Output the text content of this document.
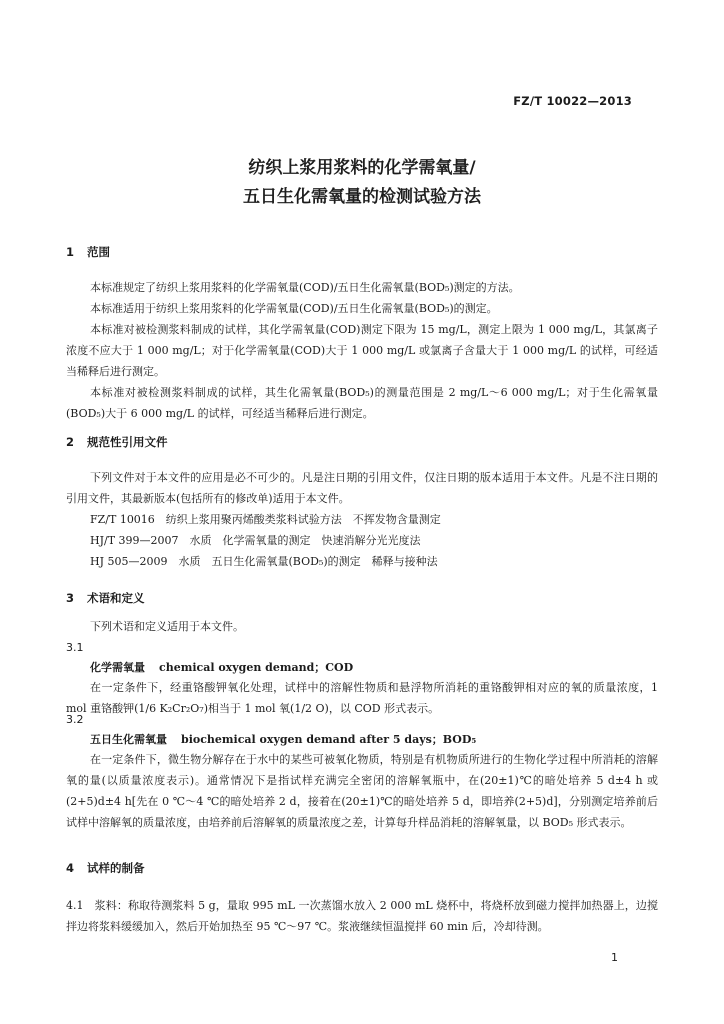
FZ/T 10022—2013
纺织上浆用浆料的化学需氧量/
五日生化需氧量的检测试验方法
1 范围
本标准规定了纺织上浆用浆料的化学需氧量(COD)/五日生化需氧量(BOD₅)测定的方法。
本标准适用于纺织上浆用浆料的化学需氧量(COD)/五日生化需氧量(BOD₅)的测定。
本标准对被检测浆料制成的试样，其化学需氧量(COD)测定下限为 15 mg/L，测定上限为 1 000 mg/L，其氯离子浓度不应大于 1 000 mg/L；对于化学需氧量(COD)大于 1 000 mg/L 或氯离子含量大于 1 000 mg/L 的试样，可经适当稀释后进行测定。
本标准对被检测浆料制成的试样，其生化需氧量(BOD₅)的测量范围是 2 mg/L～6 000 mg/L；对于生化需氧量(BOD₅)大于 6 000 mg/L 的试样，可经适当稀释后进行测定。
2 规范性引用文件
下列文件对于本文件的应用是必不可少的。凡是注日期的引用文件，仅注日期的版本适用于本文件。凡是不注日期的引用文件，其最新版本(包括所有的修改单)适用于本文件。
FZ/T 10016　纺织上浆用聚丙烯酸类浆料试验方法　不挥发物含量测定
HJ/T 399—2007　水质　化学需氧量的测定　快速消解分光光度法
HJ 505—2009　水质　五日生化需氧量(BOD₅)的测定　稀释与接种法
3 术语和定义
下列术语和定义适用于本文件。
3.1
化学需氧量 chemical oxygen demand；COD
在一定条件下，经重铬酸钾氧化处理，试样中的溶解性物质和悬浮物所消耗的重铬酸钾相对应的氧的质量浓度，1 mol 重铬酸钾(1/6 K₂Cr₂O₇)相当于 1 mol 氧(1/2 O)，以 COD 形式表示。
3.2
五日生化需氧量 biochemical oxygen demand after 5 days；BOD₅
在一定条件下，微生物分解存在于水中的某些可被氧化物质，特别是有机物质所进行的生物化学过程中所消耗的溶解氧的量(以质量浓度表示)。通常情况下是指试样充满完全密闭的溶解氧瓶中，在(20±1)℃的暗处培养 5 d±4 h 或(2+5)d±4 h[先在 0 ℃～4 ℃的暗处培养 2 d，接着在(20±1)℃的暗处培养 5 d，即培养(2+5)d]，分别测定培养前后试样中溶解氧的质量浓度，由培养前后溶解氧的质量浓度之差，计算每升样品消耗的溶解氧量，以 BOD₅ 形式表示。
4 试样的制备
4.1　浆料：称取待测浆料 5 g，量取 995 mL 一次蒸馏水放入 2 000 mL 烧杯中，将烧杯放到磁力搅拌加热器上，边搅拌边将浆料缓缓加入，然后开始加热至 95 ℃～97 ℃。浆液继续恒温搅拌 60 min 后，冷却待测。
1
